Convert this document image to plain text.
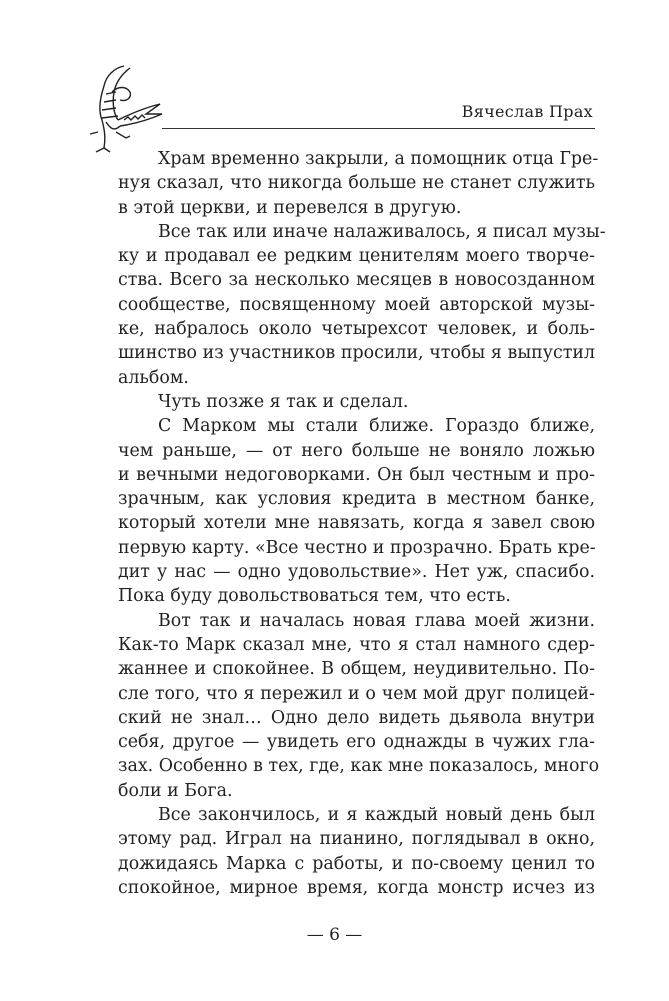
Вячеслав Прах
Храм временно закрыли, а помощник отца Гре-
нуя сказал, что никогда больше не станет служить
в этой церкви, и перевелся в другую.
Все так или иначе налаживалось, я писал музы-
ку и продавал ее редким ценителям моего творче-
ства. Всего за несколько месяцев в новосозданном
сообществе, посвященному моей авторской музы-
ке, набралось около четырехсот человек, и боль-
шинство из участников просили, чтобы я выпустил
альбом.
Чуть позже я так и сделал.
С Марком мы стали ближе. Гораздо ближе,
чем раньше, — от него больше не воняло ложью
и вечными недоговорками. Он был честным и про-
зрачным, как условия кредита в местном банке,
который хотели мне навязать, когда я завел свою
первую карту. «Все честно и прозрачно. Брать кре-
дит у нас — одно удовольствие». Нет уж, спасибо.
Пока буду довольствоваться тем, что есть.
Вот так и началась новая глава моей жизни.
Как-то Марк сказал мне, что я стал намного сдер-
жаннее и спокойнее. В общем, неудивительно. По-
сле того, что я пережил и о чем мой друг полицей-
ский не знал… Одно дело видеть дьявола внутри
себя, другое — увидеть его однажды в чужих гла-
зах. Особенно в тех, где, как мне показалось, много
боли и Бога.
Все закончилось, и я каждый новый день был
этому рад. Играл на пианино, поглядывал в окно,
дожидаясь Марка с работы, и по-своему ценил то
спокойное, мирное время, когда монстр исчез из
— 6 —
